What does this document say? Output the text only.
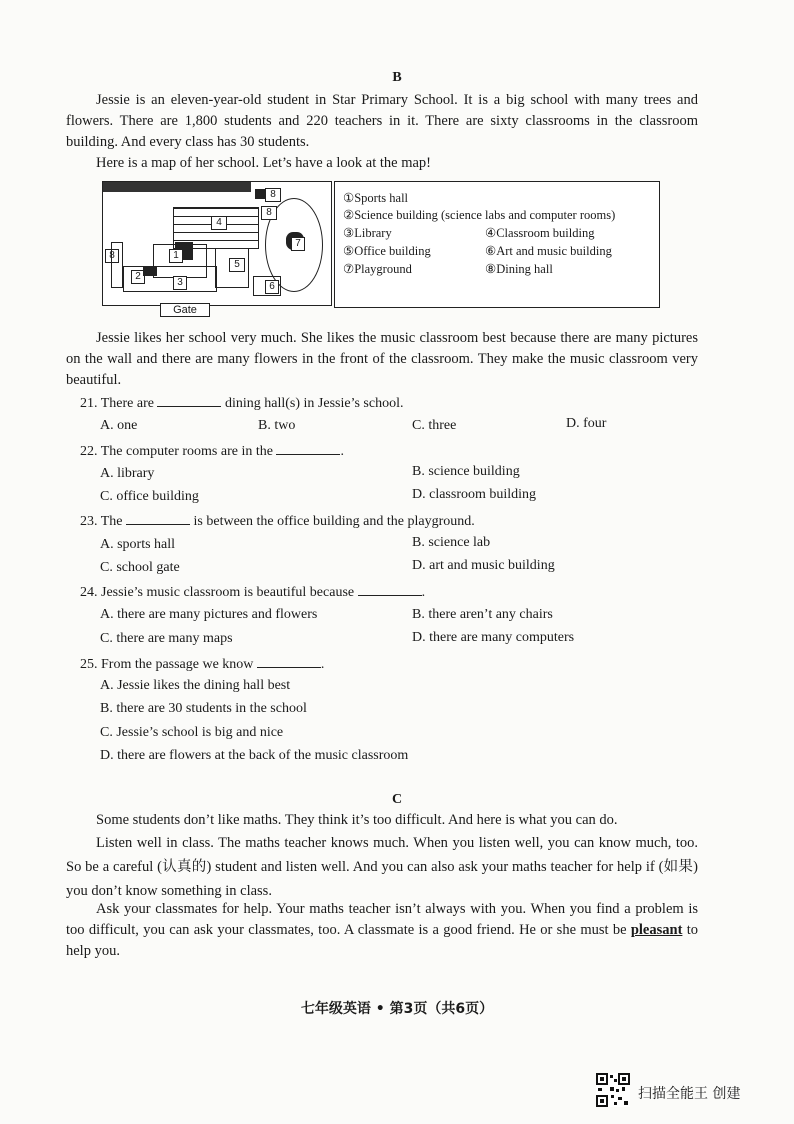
B
Jessie is an eleven-year-old student in Star Primary School. It is a big school with many trees and flowers. There are 1,800 students and 220 teachers in it. There are sixty classrooms in the classroom building. And every class has 30 students.
Here is a map of her school. Let’s have a look at the map!
4
7
1
5
6
2
3
8
8
8
Gate
①Sports hall
②Science building (science labs and computer rooms)
③Library	④Classroom building
⑤Office building	⑥Art and music building
⑦Playground	⑧Dining hall
Jessie likes her school very much. She likes the music classroom best because there are many pictures on the wall and there are many flowers in the front of the classroom. They make the music classroom very beautiful.
21. There are	dining hall(s) in Jessie’s school.
A. one	B. two	C. three	D. four
22. The computer rooms are in the	.
A. library	B. science building
C. office building	D. classroom building
23. The	is between the office building and the playground.
A. sports hall	B. science lab
C. school gate	D. art and music building
24. Jessie’s music classroom is beautiful because	.
A. there are many pictures and flowers	B. there aren’t any chairs
C. there are many maps	D. there are many computers
25. From the passage we know	.
A. Jessie likes the dining hall best
B. there are 30 students in the school
C. Jessie’s school is big and nice
D. there are flowers at the back of the music classroom
C
Some students don’t like maths. They think it’s too difficult. And here is what you can do.
Listen well in class. The maths teacher knows much. When you listen well, you can know much, too. So be a careful (认真的) student and listen well. And you can also ask your maths teacher for help if (如果) you don’t know something in class.
Ask your classmates for help. Your maths teacher isn’t always with you. When you find a problem is too difficult, you can ask your classmates, too. A classmate is a good friend. He or she must be pleasant to help you.
七年级英语 • 第3页（共6页）
扫描全能王 创建
